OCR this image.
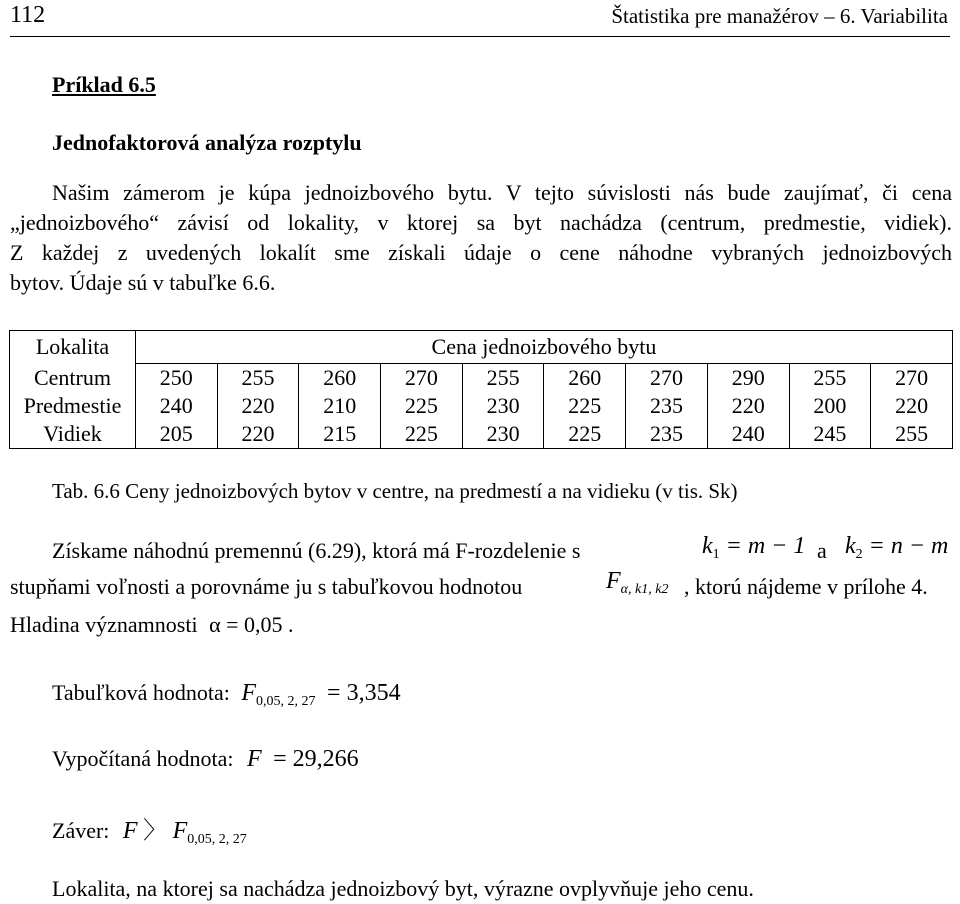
112	Štatistika pre manažérov – 6. Variabilita
Príklad 6.5
Jednofaktorová analýza rozptylu
Našim zámerom je kúpa jednoizbového bytu. V tejto súvislosti nás bude zaujímať, či cena
„jednoizbového“ závisí od lokality, v ktorej sa byt nachádza (centrum, predmestie, vidiek).
Z každej z uvedených lokalít sme získali údaje o cene náhodne vybraných jednoizbových
bytov. Údaje sú v tabuľke 6.6.
Lokalita	Cena jednoizbového bytu									
Centrum	250	255	260	270	255	260	270	290	255	270
Predmestie	240	220	210	225	230	225	235	220	200	220
Vidiek	205	220	215	225	230	225	235	240	245	255
Tab. 6.6 Ceny jednoizbových bytov v centre, na predmestí a na vidieku (v tis. Sk)
Získame náhodnú premennú (6.29), ktorá má F-rozdelenie s	$k_1 = m - 1$ a $k_2 = n - m$
stupňami voľnosti a porovnáme ju s tabuľkovou hodnotou	$F_{\alpha, k1, k2}$ , ktorú nájdeme v prílohe 4.
Hladina významnosti α = 0,05 .
Tabuľková hodnota: $F_{0,05, 2, 27} = 3,354$
Vypočítaná hodnota: F = 29,266
Záver: F 〉 $F_{0,05, 2, 27}$
Lokalita, na ktorej sa nachádza jednoizbový byt, výrazne ovplyvňuje jeho cenu.
